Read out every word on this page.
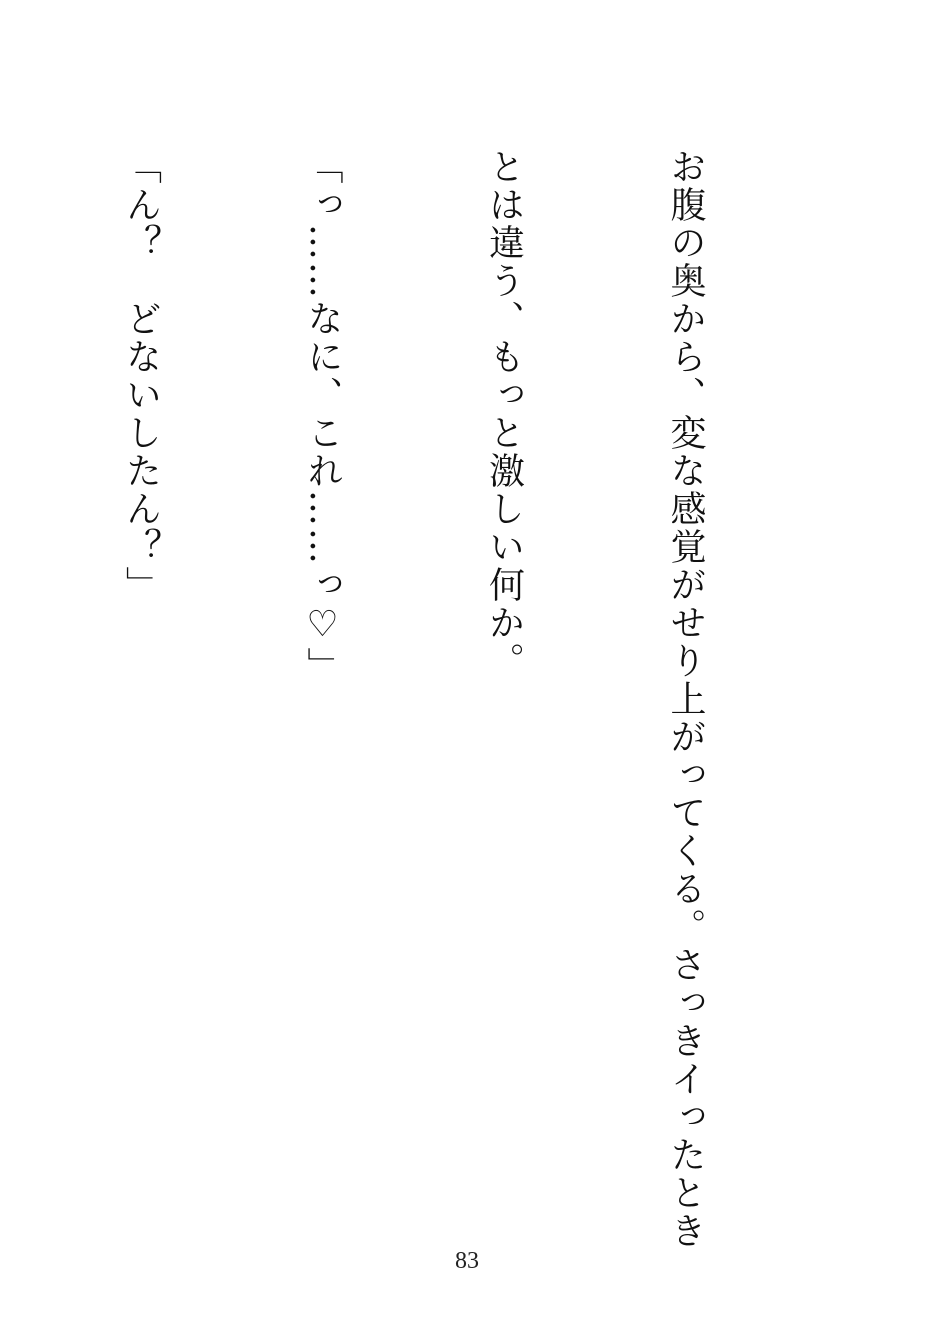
お腹の奥から、変な感覚がせり上がってくる。さっきイったとき

とは違う、もっと激しい何か。

「っ……なに、これ……っ♡」

「ん？　どないしたん？」

83
